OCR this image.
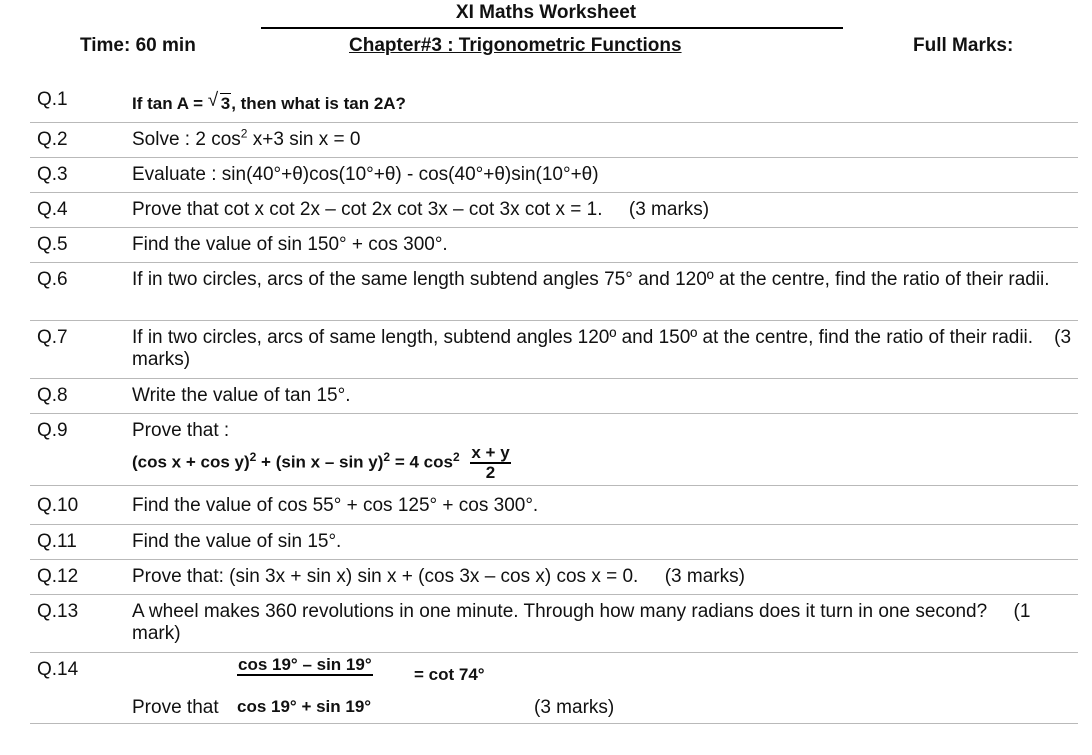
XI Maths Worksheet
Time: 60 min	Chapter#3 : Trigonometric Functions	Full Marks:
Q.1	If tan A = √ 3, then what is tan 2A?
Q.2	Solve : 2 $\cos^2 x+3$ sin x = 0
Q.3	Evaluate : sin(40°+θ)cos(10°+θ) - cos(40°+θ)sin(10°+θ)
Q.4	Prove that cot x cot 2x – cot 2x cot 3x – cot 3x cot x = 1.     (3 marks)
Q.5	Find the value of sin 150° + cos 300°.
Q.6	If in two circles, arcs of the same length subtend angles 75° and 120º at the centre, find the ratio of their radii.
Q.7	If in two circles, arcs of same length, subtend angles 120º and 150º at the centre, find the ratio of their radii.    (3 marks)
Q.8	Write the value of tan 15°.
Q.9	Prove that :
(cos x + cos y)$^2$ + (sin x – sin y)$^2$ = 4 $\cos^2 \frac{x + y}{2}$
Q.10	Find the value of cos 55° + cos 125° + cos 300°.
Q.11	Find the value of sin 15°.
Q.12	Prove that: (sin 3x + sin x) sin x + (cos 3x – cos x) cos x = 0.     (3 marks)
Q.13	A wheel makes 360 revolutions in one minute. Through how many radians does it turn in one second?     (1 mark)
Q.14	cos 19° – sin 19°
= cot 74°
Prove that cos 19° + sin 19°	(3 marks)
